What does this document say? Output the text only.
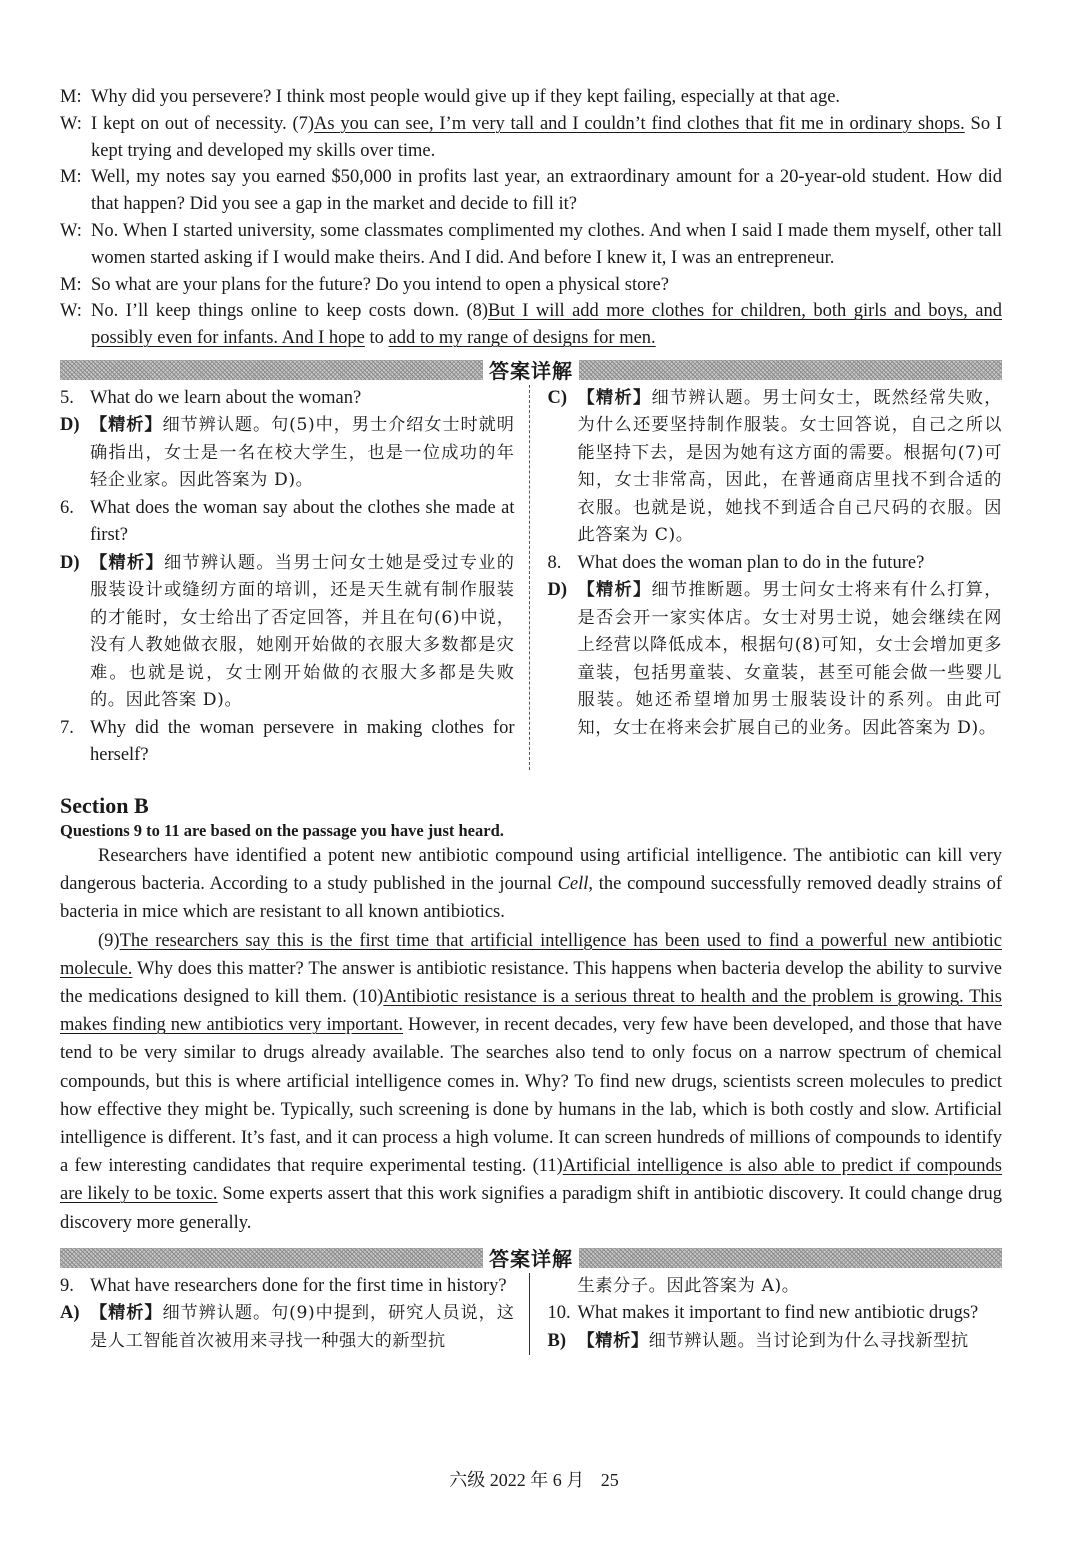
M: Why did you persevere? I think most people would give up if they kept failing, especially at that age.
W: I kept on out of necessity. (7)As you can see, I’m very tall and I couldn’t find clothes that fit me in ordinary shops. So I kept trying and developed my skills over time.
M: Well, my notes say you earned $50,000 in profits last year, an extraordinary amount for a 20-year-old student. How did that happen? Did you see a gap in the market and decide to fill it?
W: No. When I started university, some classmates complimented my clothes. And when I said I made them myself, other tall women started asking if I would make theirs. And I did. And before I knew it, I was an entrepreneur.
M: So what are your plans for the future? Do you intend to open a physical store?
W: No. I’ll keep things online to keep costs down. (8)But I will add more clothes for children, both girls and boys, and possibly even for infants. And I hope to add to my range of designs for men.
答案详解
5. What do we learn about the woman?
D) 【精析】细节辨认题。句(5)中，男士介绍女士时就明确指出，女士是一名在校大学生，也是一位成功的年轻企业家。因此答案为 D)。
6. What does the woman say about the clothes she made at first?
D) 【精析】细节辨认题。当男士问女士她是受过专业的服装设计或缝纫方面的培训，还是天生就有制作服装的才能时，女士给出了否定回答，并且在句(6)中说，没有人教她做衣服，她刚开始做的衣服大多数都是灾难。也就是说，女士刚开始做的衣服大多都是失败的。因此答案 D)。
7. Why did the woman persevere in making clothes for herself?
C) 【精析】细节辨认题。男士问女士，既然经常失败，为什么还要坚持制作服装。女士回答说，自己之所以能坚持下去，是因为她有这方面的需要。根据句(7)可知，女士非常高，因此，在普通商店里找不到合适的衣服。也就是说，她找不到适合自己尺码的衣服。因此答案为 C)。
8. What does the woman plan to do in the future?
D) 【精析】细节推断题。男士问女士将来有什么打算，是否会开一家实体店。女士对男士说，她会继续在网上经营以降低成本，根据句(8)可知，女士会增加更多童装，包括男童装、女童装，甚至可能会做一些婴儿服装。她还希望增加男士服装设计的系列。由此可知，女士在将来会扩展自己的业务。因此答案为 D)。
Section B
Questions 9 to 11 are based on the passage you have just heard.
Researchers have identified a potent new antibiotic compound using artificial intelligence. The antibiotic can kill very dangerous bacteria. According to a study published in the journal Cell, the compound successfully removed deadly strains of bacteria in mice which are resistant to all known antibiotics.
(9)The researchers say this is the first time that artificial intelligence has been used to find a powerful new antibiotic molecule. Why does this matter? The answer is antibiotic resistance. This happens when bacteria develop the ability to survive the medications designed to kill them. (10)Antibiotic resistance is a serious threat to health and the problem is growing. This makes finding new antibiotics very important. However, in recent decades, very few have been developed, and those that have tend to be very similar to drugs already available. The searches also tend to only focus on a narrow spectrum of chemical compounds, but this is where artificial intelligence comes in. Why? To find new drugs, scientists screen molecules to predict how effective they might be. Typically, such screening is done by humans in the lab, which is both costly and slow. Artificial intelligence is different. It’s fast, and it can process a high volume. It can screen hundreds of millions of compounds to identify a few interesting candidates that require experimental testing. (11)Artificial intelligence is also able to predict if compounds are likely to be toxic. Some experts assert that this work signifies a paradigm shift in antibiotic discovery. It could change drug discovery more generally.
答案详解
9. What have researchers done for the first time in history?
A) 【精析】细节辨认题。句(9)中提到，研究人员说，这是人工智能首次被用来寻找一种强大的新型抗
生素分子。因此答案为 A)。
10. What makes it important to find new antibiotic drugs?
B) 【精析】细节辨认题。当讨论到为什么寻找新型抗
六级 2022 年 6 月 25
